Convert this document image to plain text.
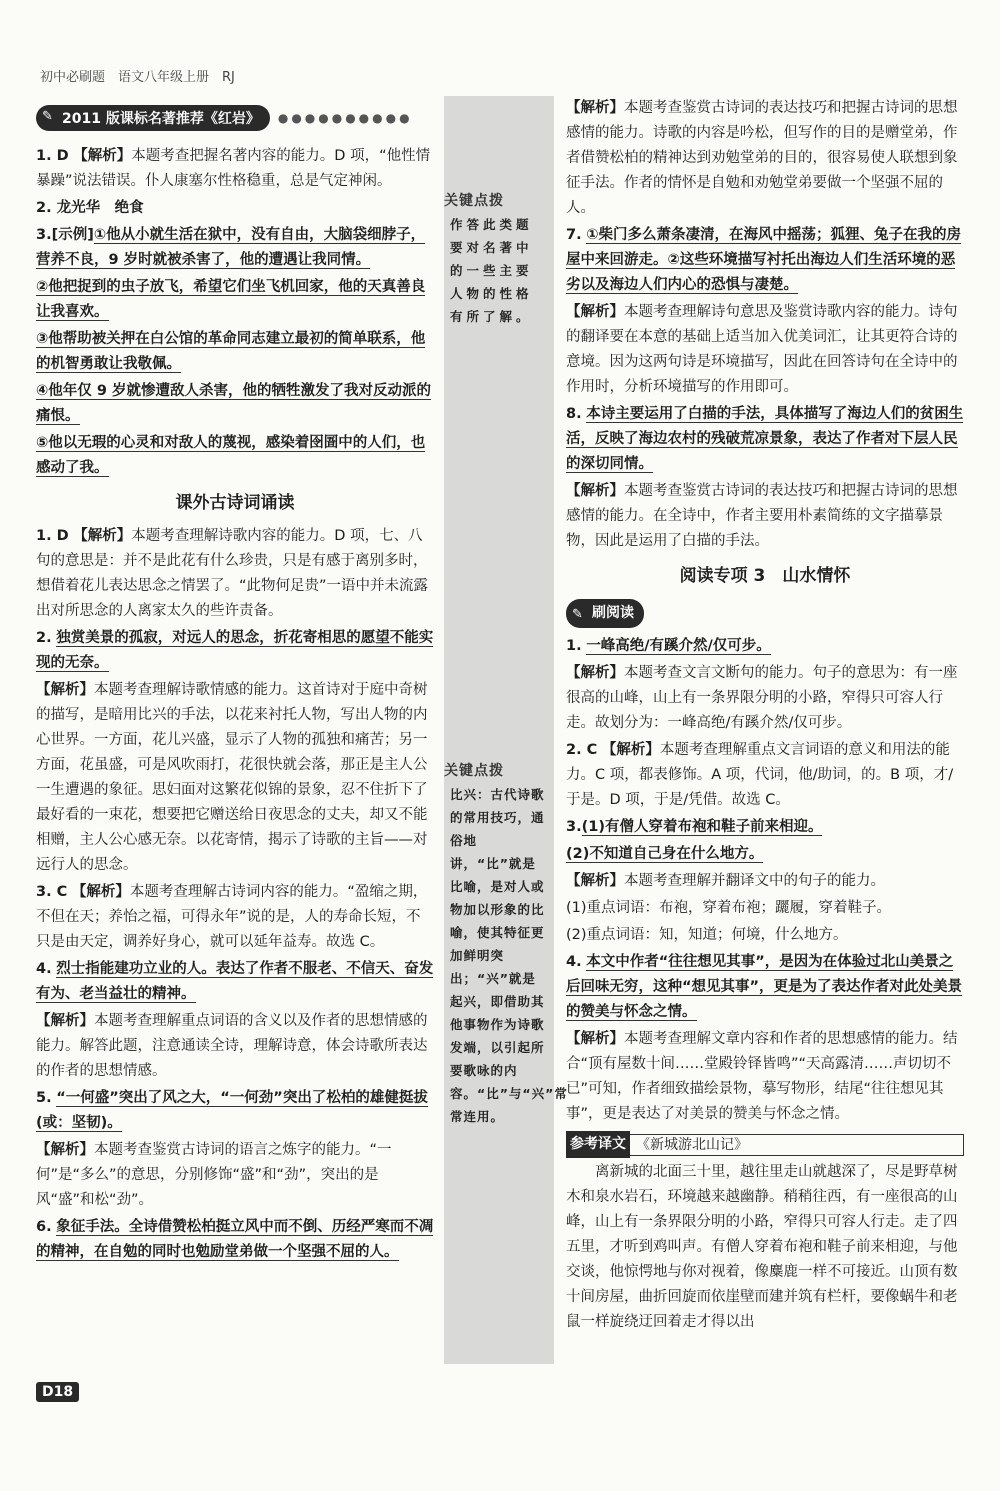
初中必刷题　语文八年级上册　RJ
✎ 2011 版课标名著推荐《红岩》	●●●●●●●●●●
关键点拨
作答此类题要对名著中的一些主要人物的性格有所了解。
关键点拨
比兴：古代诗歌的常用技巧，通俗地讲，“比”就是比喻，是对人或物加以形象的比喻，使其特征更加鲜明突出；“兴”就是起兴，即借助其他事物作为诗歌发端，以引起所要歌咏的内容。“比”与“兴”常常连用。
1. D 【解析】本题考查把握名著内容的能力。D 项，“他性情暴躁”说法错误。仆人康塞尔性格稳重，总是气定神闲。
2. 龙光华　绝食
3.[示例]①他从小就生活在狱中，没有自由，大脑袋细脖子，营养不良，9 岁时就被杀害了，他的遭遇让我同情。
②他把捉到的虫子放飞，希望它们坐飞机回家，他的天真善良让我喜欢。
③他帮助被关押在白公馆的革命同志建立最初的简单联系，他的机智勇敢让我敬佩。
④他年仅 9 岁就惨遭敌人杀害，他的牺牲激发了我对反动派的痛恨。
⑤他以无瑕的心灵和对敌人的蔑视，感染着囹圄中的人们，也感动了我。
课外古诗词诵读
1. D 【解析】本题考查理解诗歌内容的能力。D 项，七、八句的意思是：并不是此花有什么珍贵，只是有感于离别多时，想借着花儿表达思念之情罢了。“此物何足贵”一语中并未流露出对所思念的人离家太久的些许责备。
2. 独赏美景的孤寂，对远人的思念，折花寄相思的愿望不能实现的无奈。
【解析】本题考查理解诗歌情感的能力。这首诗对于庭中奇树的描写，是暗用比兴的手法，以花来衬托人物，写出人物的内心世界。一方面，花儿兴盛，显示了人物的孤独和痛苦；另一方面，花虽盛，可是风吹雨打，花很快就会落，那正是主人公一生遭遇的象征。思妇面对这繁花似锦的景象，忍不住折下了最好看的一束花，想要把它赠送给日夜思念的丈夫，却又不能相赠，主人公心感无奈。以花寄情，揭示了诗歌的主旨——对远行人的思念。
3. C 【解析】本题考查理解古诗词内容的能力。“盈缩之期，不但在天；养怡之福，可得永年”说的是，人的寿命长短，不只是由天定，调养好身心，就可以延年益寿。故选 C。
4. 烈士指能建功立业的人。表达了作者不服老、不信天、奋发有为、老当益壮的精神。
【解析】本题考查理解重点词语的含义以及作者的思想情感的能力。解答此题，注意通读全诗，理解诗意，体会诗歌所表达的作者的思想情感。
5. “一何盛”突出了风之大，“一何劲”突出了松柏的雄健挺拔(或：坚韧)。
【解析】本题考查鉴赏古诗词的语言之炼字的能力。“一何”是“多么”的意思，分别修饰“盛”和“劲”，突出的是风“盛”和松“劲”。
6. 象征手法。全诗借赞松柏挺立风中而不倒、历经严寒而不凋的精神，在自勉的同时也勉励堂弟做一个坚强不屈的人。
【解析】本题考查鉴赏古诗词的表达技巧和把握古诗词的思想感情的能力。诗歌的内容是吟松，但写作的目的是赠堂弟，作者借赞松柏的精神达到劝勉堂弟的目的，很容易使人联想到象征手法。作者的情怀是自勉和劝勉堂弟要做一个坚强不屈的人。
7. ①柴门多么萧条凄清，在海风中摇荡；狐狸、兔子在我的房屋中来回游走。②这些环境描写衬托出海边人们生活环境的恶劣以及海边人们内心的恐惧与凄楚。
【解析】本题考查理解诗句意思及鉴赏诗歌内容的能力。诗句的翻译要在本意的基础上适当加入优美词汇，让其更符合诗的意境。因为这两句诗是环境描写，因此在回答诗句在全诗中的作用时，分析环境描写的作用即可。
8. 本诗主要运用了白描的手法，具体描写了海边人们的贫困生活，反映了海边农村的残破荒凉景象，表达了作者对下层人民的深切同情。
【解析】本题考查鉴赏古诗词的表达技巧和把握古诗词的思想感情的能力。在全诗中，作者主要用朴素简练的文字描摹景物，因此是运用了白描的手法。
阅读专项 3　山水情怀
✎ 刷阅读
1. 一峰高绝/有蹊介然/仅可步。
【解析】本题考查文言文断句的能力。句子的意思为：有一座很高的山峰，山上有一条界限分明的小路，窄得只可容人行走。故划分为：一峰高绝/有蹊介然/仅可步。
2. C 【解析】本题考查理解重点文言词语的意义和用法的能力。C 项，都表修饰。A 项，代词，他/助词，的。B 项，才/于是。D 项，于是/凭借。故选 C。
3.(1)有僧人穿着布袍和鞋子前来相迎。
(2)不知道自己身在什么地方。
【解析】本题考查理解并翻译文中的句子的能力。
(1)重点词语：布袍，穿着布袍；躧履，穿着鞋子。
(2)重点词语：知，知道；何境，什么地方。
4. 本文中作者“往往想见其事”，是因为在体验过北山美景之后回味无穷，这种“想见其事”，更是为了表达作者对此处美景的赞美与怀念之情。
【解析】本题考查理解文章内容和作者的思想感情的能力。结合“顶有屋数十间……堂殿铃铎皆鸣”“天高露清……声切切不已”可知，作者细致描绘景物，摹写物形，结尾“往往想见其事”，更是表达了对美景的赞美与怀念之情。
参考译文 《新城游北山记》
离新城的北面三十里，越往里走山就越深了，尽是野草树木和泉水岩石，环境越来越幽静。稍稍往西，有一座很高的山峰，山上有一条界限分明的小路，窄得只可容人行走。走了四五里，才听到鸡叫声。有僧人穿着布袍和鞋子前来相迎，与他交谈，他惊愕地与你对视着，像麋鹿一样不可接近。山顶有数十间房屋，曲折回旋而依崖壁而建并筑有栏杆，要像蜗牛和老鼠一样旋绕迂回着走才得以出
D18
